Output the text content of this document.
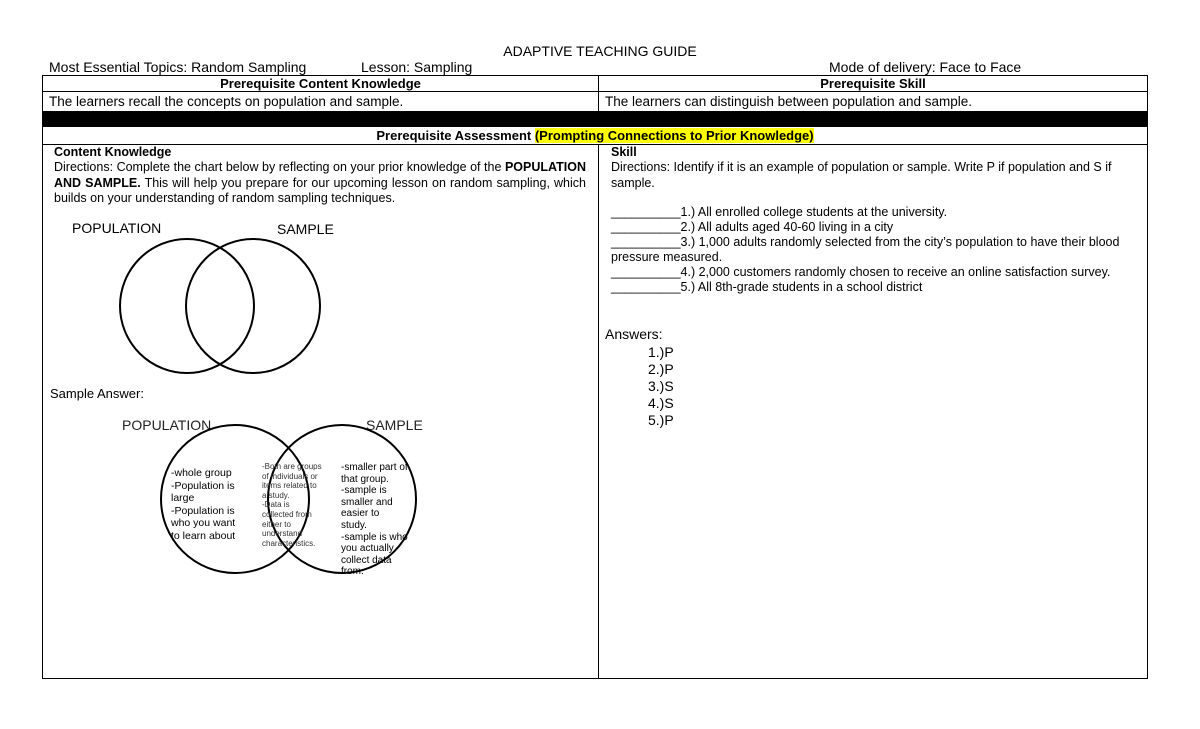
ADAPTIVE TEACHING GUIDE
Most Essential Topics: Random Sampling	Lesson: Sampling	Mode of delivery: Face to Face
Prerequisite Content Knowledge	Prerequisite Skill
The learners recall the concepts on population and sample.	The learners can distinguish between population and sample.
Prerequisite Assessment (Prompting Connections to Prior Knowledge)
Content Knowledge
Directions: Complete the chart below by reflecting on your prior knowledge of the POPULATION AND SAMPLE. This will help you prepare for our upcoming lesson on random sampling, which builds on your understanding of random sampling techniques.
POPULATION	SAMPLE
Sample Answer:
POPULATION	SAMPLE
-whole group
-Population is
large
-Population is
who you want
to learn about
-Both are groups
of individuals or
items related to
a study.
-Data is
collected from
either to
understand
characteristics.
-smaller part of
that group.
-sample is
smaller and
easier to
study.
-sample is who
you actually
collect data
from.
Skill
Directions: Identify if it is an example of population or sample. Write P if population and S if sample.
__________1.) All enrolled college students at the university.
__________2.) All adults aged 40-60 living in a city
__________3.) 1,000 adults randomly selected from the city’s population to have their blood pressure measured.
__________4.) 2,000 customers randomly chosen to receive an online satisfaction survey.
__________5.) All 8th-grade students in a school district
Answers:
1.)P
2.)P
3.)S
4.)S
5.)P
